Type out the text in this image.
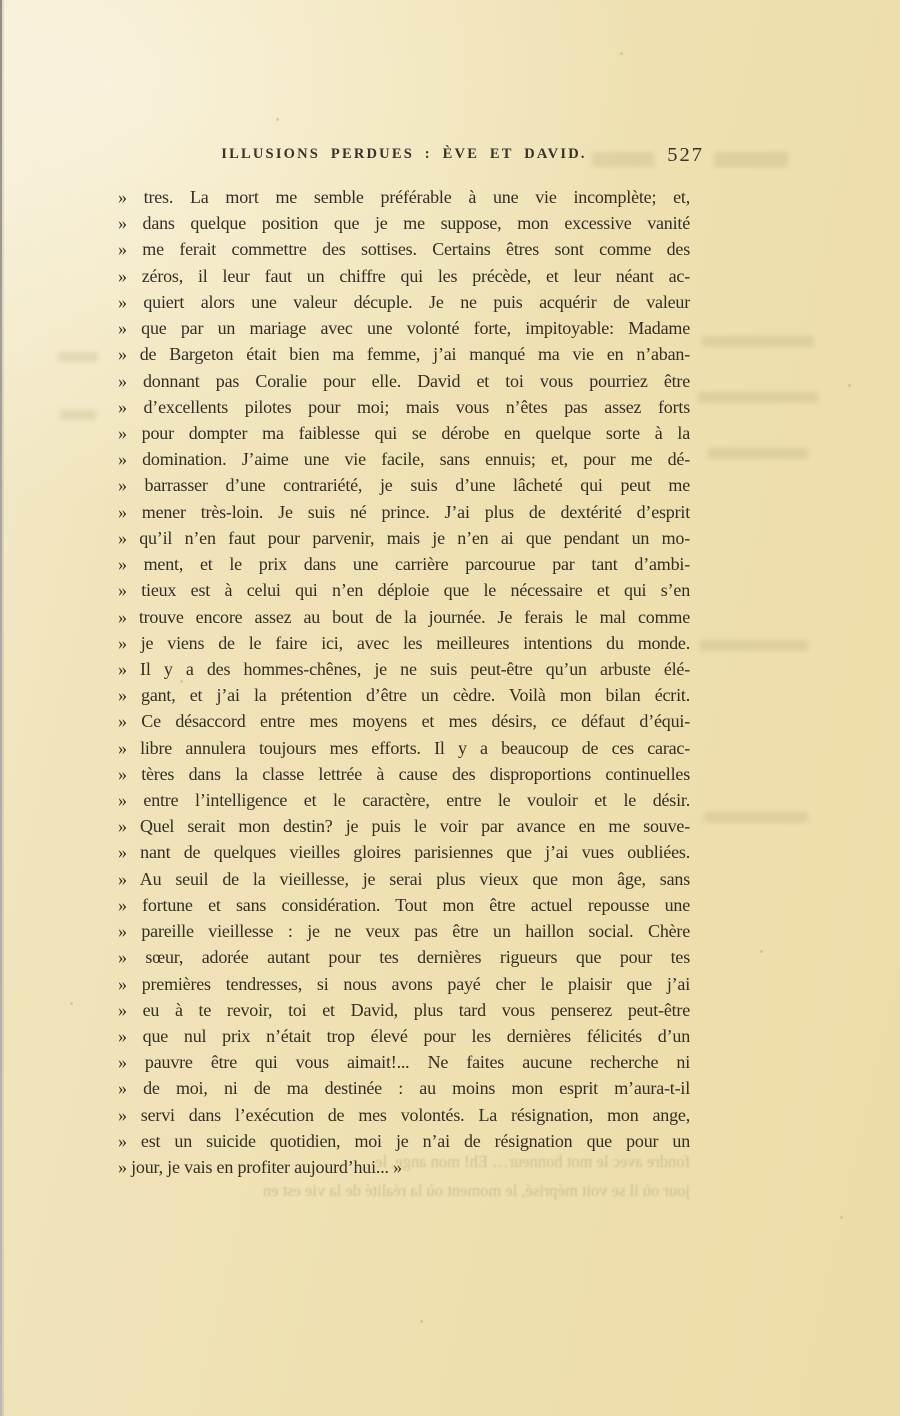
ILLUSIONS PERDUES : ÈVE ET DAVID.	527
» tres. La mort me semble préférable à une vie incomplète; et,
» dans quelque position que je me suppose, mon excessive vanité
» me ferait commettre des sottises. Certains êtres sont comme des
» zéros, il leur faut un chiffre qui les précède, et leur néant ac-
» quiert alors une valeur décuple. Je ne puis acquérir de valeur
» que par un mariage avec une volonté forte, impitoyable: Madame
» de Bargeton était bien ma femme, j’ai manqué ma vie en n’aban-
» donnant pas Coralie pour elle. David et toi vous pourriez être
» d’excellents pilotes pour moi; mais vous n’êtes pas assez forts
» pour dompter ma faiblesse qui se dérobe en quelque sorte à la
» domination. J’aime une vie facile, sans ennuis; et, pour me dé-
» barrasser d’une contrariété, je suis d’une lâcheté qui peut me
» mener très-loin. Je suis né prince. J’ai plus de dextérité d’esprit
» qu’il n’en faut pour parvenir, mais je n’en ai que pendant un mo-
» ment, et le prix dans une carrière parcourue par tant d’ambi-
» tieux est à celui qui n’en déploie que le nécessaire et qui s’en
» trouve encore assez au bout de la journée. Je ferais le mal comme
» je viens de le faire ici, avec les meilleures intentions du monde.
» Il y a des hommes-chênes, je ne suis peut-être qu’un arbuste élé-
» gant, et j’ai la prétention d’être un cèdre. Voilà mon bilan écrit.
» Ce désaccord entre mes moyens et mes désirs, ce défaut d’équi-
» libre annulera toujours mes efforts. Il y a beaucoup de ces carac-
» tères dans la classe lettrée à cause des disproportions continuelles
» entre l’intelligence et le caractère, entre le vouloir et le désir.
» Quel serait mon destin? je puis le voir par avance en me souve-
» nant de quelques vieilles gloires parisiennes que j’ai vues oubliées.
» Au seuil de la vieillesse, je serai plus vieux que mon âge, sans
» fortune et sans considération. Tout mon être actuel repousse une
» pareille vieillesse : je ne veux pas être un haillon social. Chère
» sœur, adorée autant pour tes dernières rigueurs que pour tes
» premières tendresses, si nous avons payé cher le plaisir que j’ai
» eu à te revoir, toi et David, plus tard vous penserez peut-être
» que nul prix n’était trop élevé pour les dernières félicités d’un
» pauvre être qui vous aimait!... Ne faites aucune recherche ni
» de moi, ni de ma destinée : au moins mon esprit m’aura-t-il
» servi dans l’exécution de mes volontés. La résignation, mon ange,
» est un suicide quotidien, moi je n’ai de résignation que pour un
» jour, je vais en profiter aujourd’hui... »
fondre avec le mot honneur… Eh! mon ange, le
jour où il se voit méprisé, le moment où la réalité de la vie est en
